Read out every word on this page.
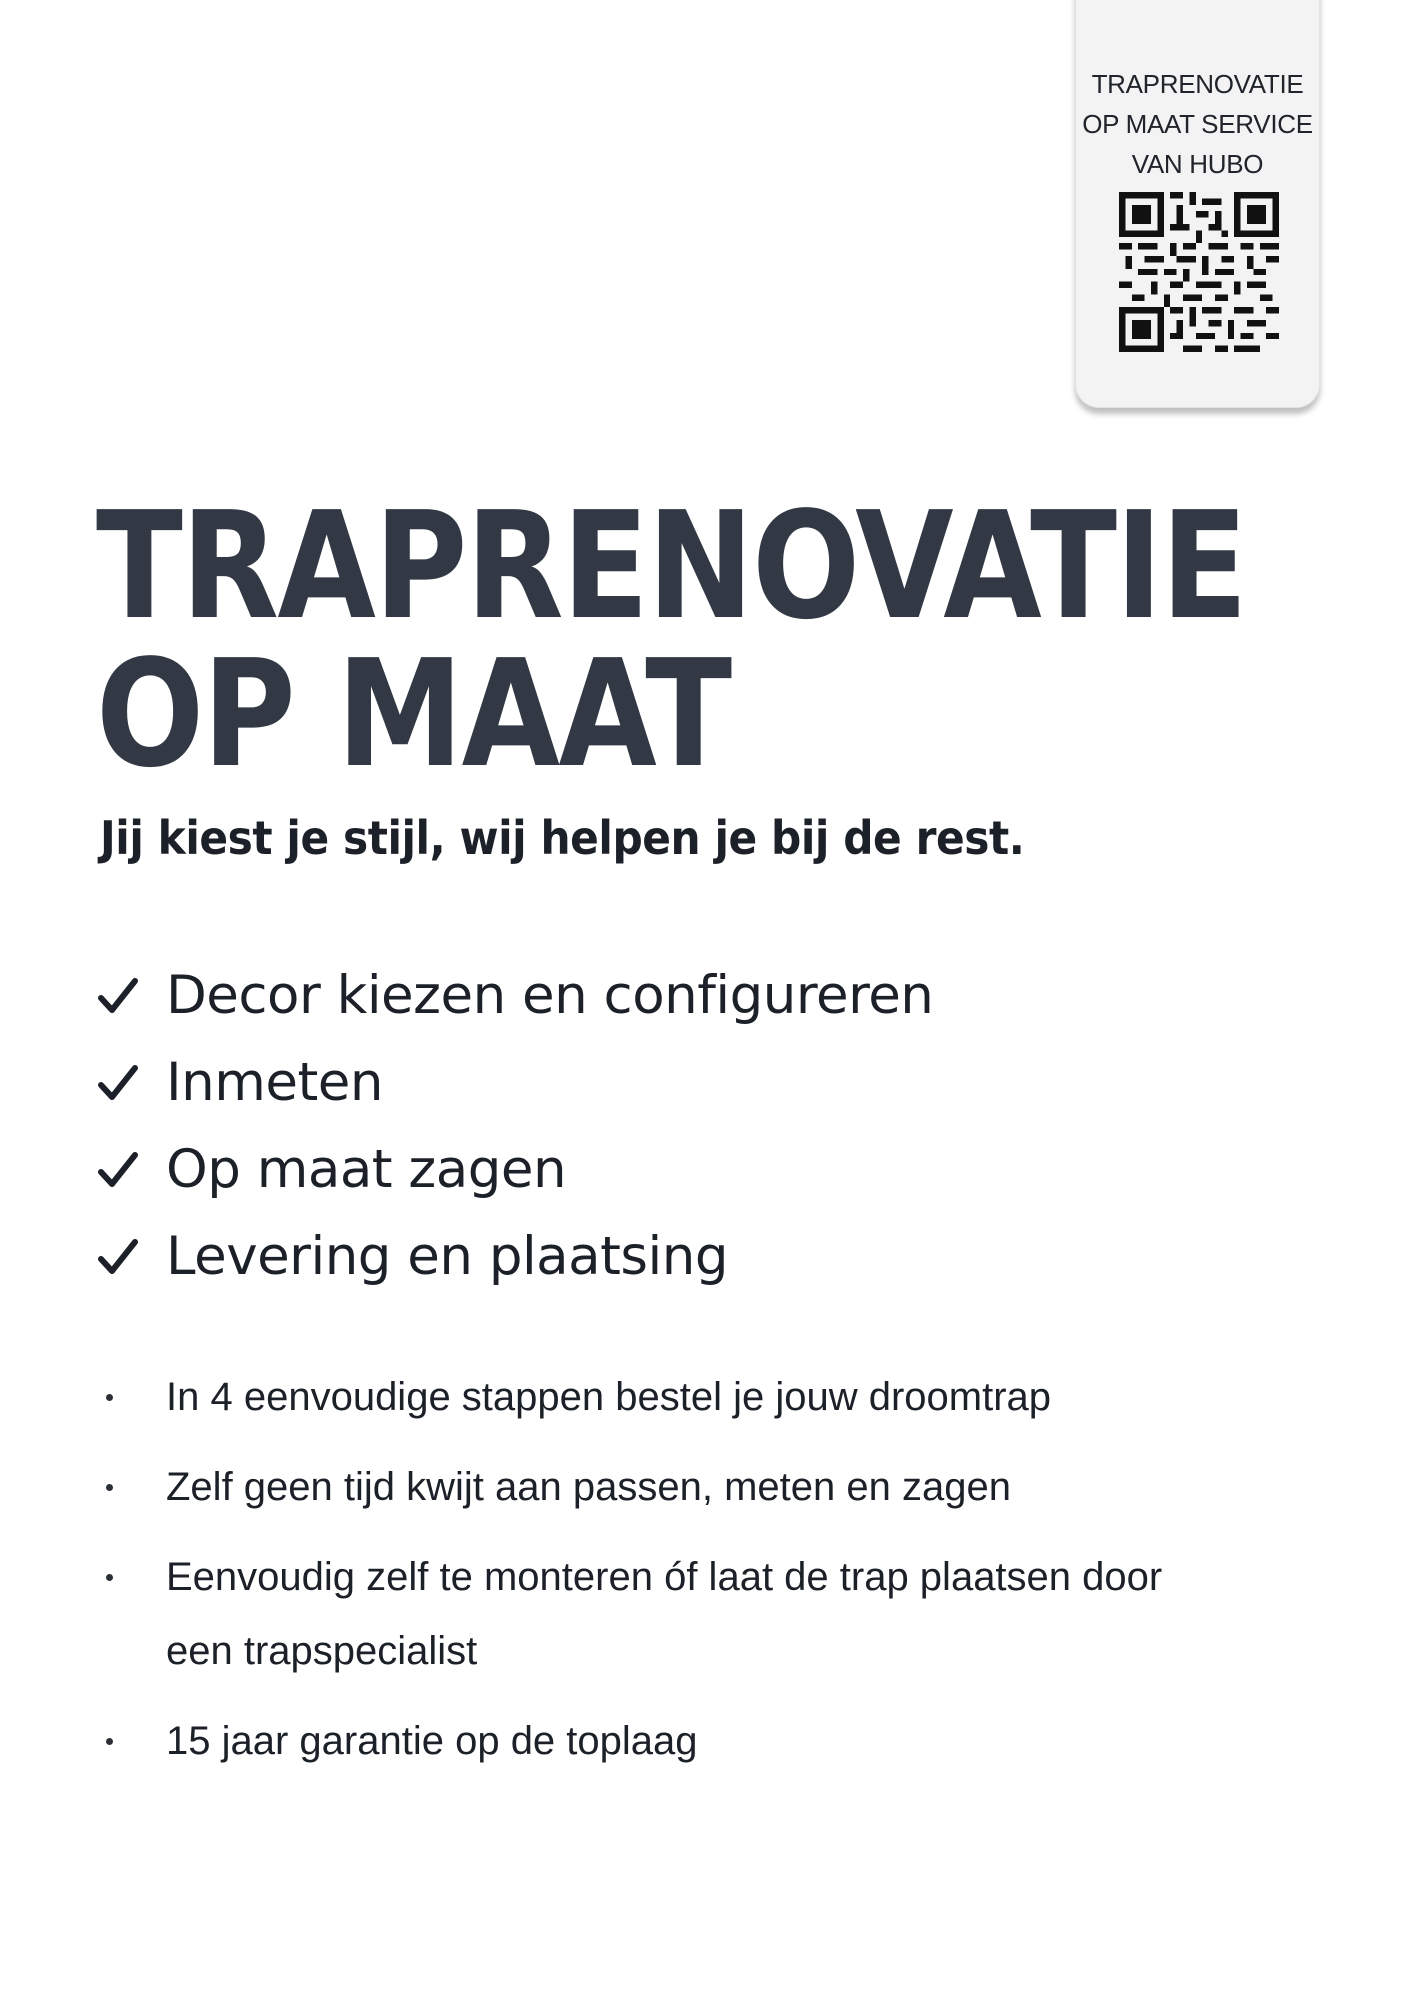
TRAPRENOVATIE
OP MAAT SERVICE
VAN HUBO
TRAPRENOVATIE
OP MAAT
Jij kiest je stijl, wij helpen je bij de rest.
Decor kiezen en configureren
Inmeten
Op maat zagen
Levering en plaatsing
In 4 eenvoudige stappen bestel je jouw droomtrap
Zelf geen tijd kwijt aan passen, meten en zagen
Eenvoudig zelf te monteren óf laat de trap plaatsen door een trapspecialist
15 jaar garantie op de toplaag
